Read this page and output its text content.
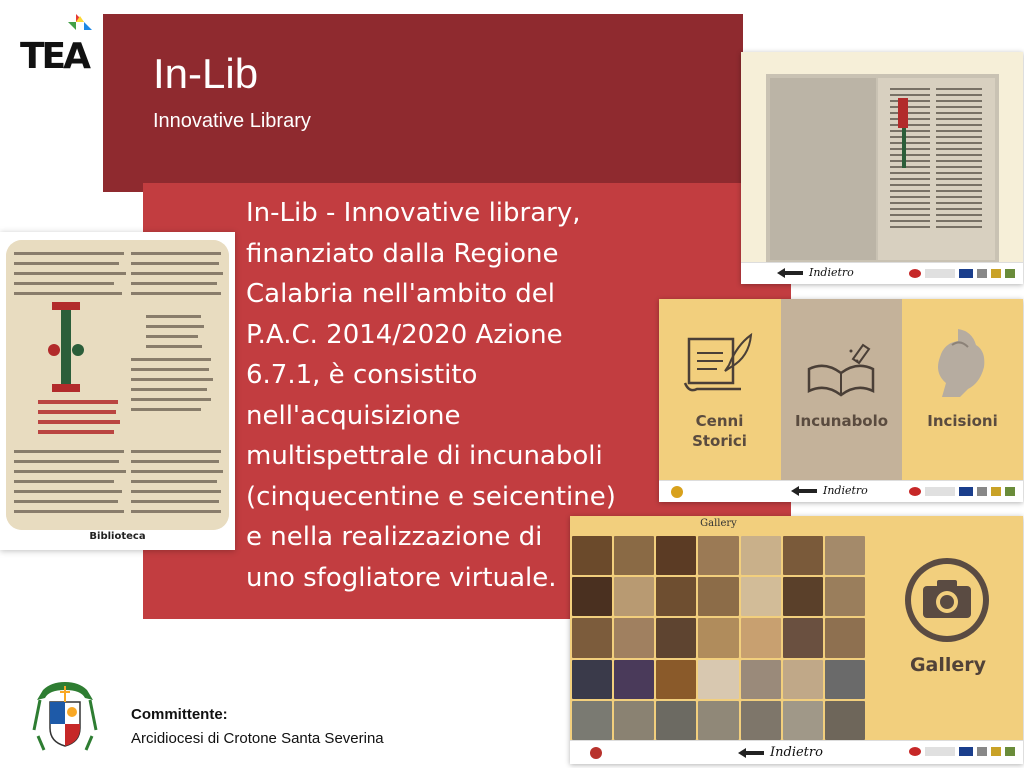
TEA In-Lib
Innovative Library
In-Lib - Innovative library,
finanziato dalla Regione
Calabria nell'ambito del
P.A.C. 2014/2020 Azione
6.7.1, è consistito
nell'acquisizione
multispettrale di incunaboli
(cinquecentine e seicentine)
e nella realizzazione di
uno sfogliatore virtuale.
Biblioteca
Indietro
Cenni
Storici
Incunabolo	Incisioni
Indietro
Gallery
Gallery
Indietro
Committente:
Arcidiocesi di Crotone Santa Severina
